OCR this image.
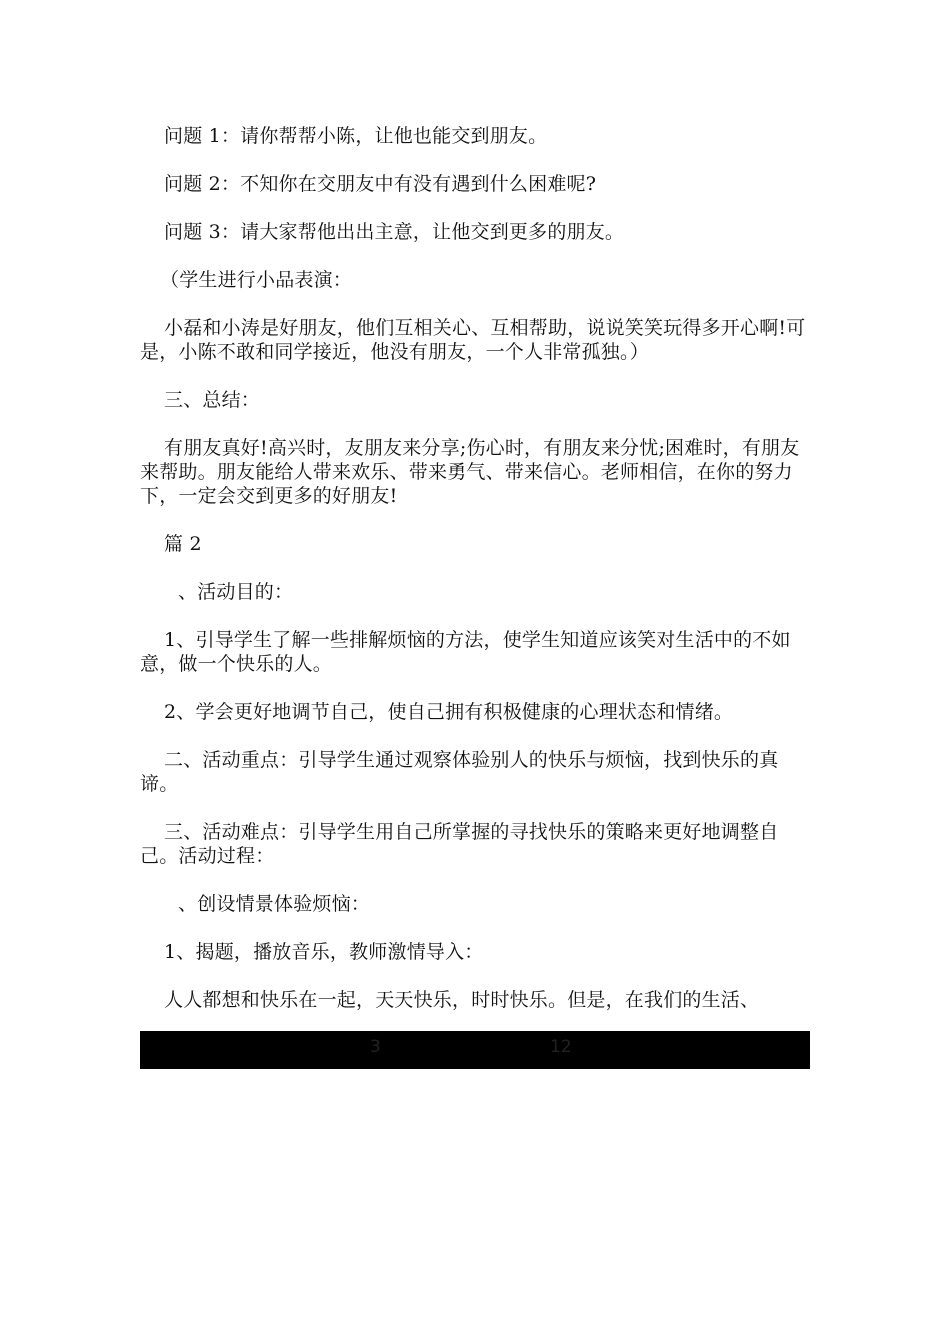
问题 1：请你帮帮小陈，让他也能交到朋友。

问题 2：不知你在交朋友中有没有遇到什么困难呢?

问题 3：请大家帮他出出主意，让他交到更多的朋友。

（学生进行小品表演：

小磊和小涛是好朋友，他们互相关心、互相帮助，说说笑笑玩得多开心啊!可是，小陈不敢和同学接近，他没有朋友，一个人非常孤独。）

三、总结：

有朋友真好!高兴时，友朋友来分享;伤心时，有朋友来分忧;困难时，有朋友来帮助。朋友能给人带来欢乐、带来勇气、带来信心。老师相信，在你的努力下，一定会交到更多的好朋友!

篇 2

、活动目的：

1、引导学生了解一些排解烦恼的方法，使学生知道应该笑对生活中的不如意，做一个快乐的人。

2、学会更好地调节自己，使自己拥有积极健康的心理状态和情绪。

二、活动重点：引导学生通过观察体验别人的快乐与烦恼，找到快乐的真谛。

三、活动难点：引导学生用自己所掌握的寻找快乐的策略来更好地调整自己。活动过程：

、创设情景体验烦恼：

1、揭题，播放音乐，教师激情导入：

人人都想和快乐在一起，天天快乐，时时快乐。但是，在我们的生活、

3	12
